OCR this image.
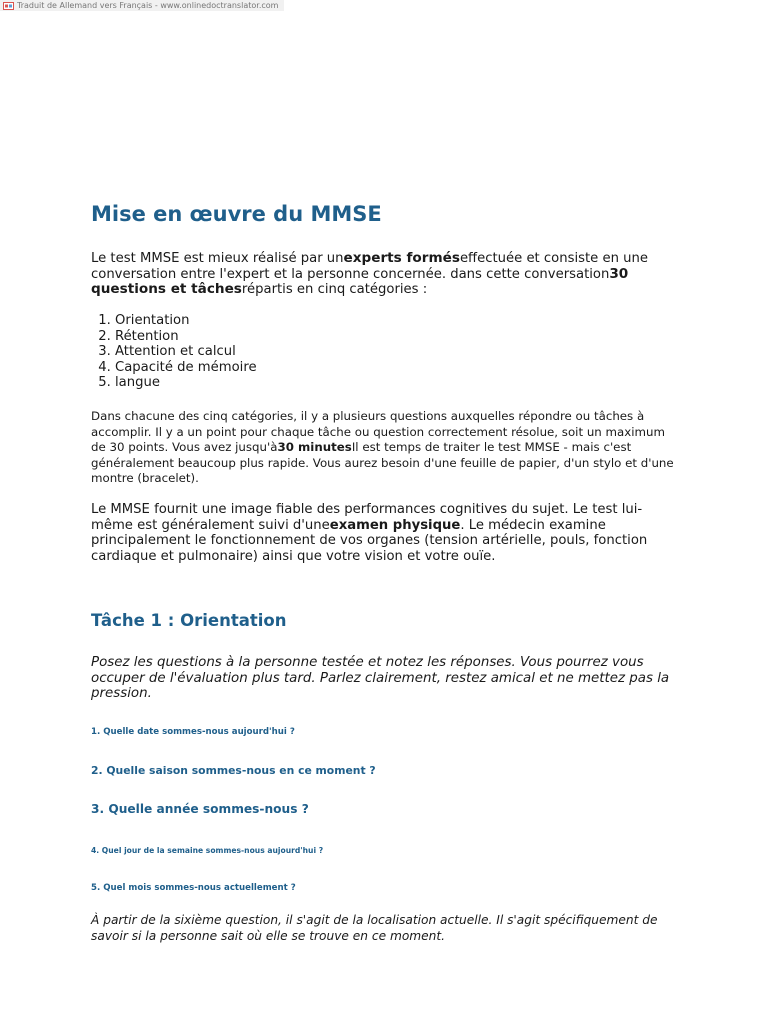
Traduit de Allemand vers Français - www.onlinedoctranslator.com
Mise en œuvre du MMSE

Le test MMSE est mieux réalisé par unexperts forméseffectuée et consiste en une conversation entre l'expert et la personne concernée. dans cette conversation30 questions et tâchesrépartis en cinq catégories :

1. Orientation
2. Rétention
3. Attention et calcul
4. Capacité de mémoire
5. langue

Dans chacune des cinq catégories, il y a plusieurs questions auxquelles répondre ou tâches à accomplir. Il y a un point pour chaque tâche ou question correctement résolue, soit un maximum de 30 points. Vous avez jusqu'à30 minutesIl est temps de traiter le test MMSE - mais c'est généralement beaucoup plus rapide. Vous aurez besoin d'une feuille de papier, d'un stylo et d'une montre (bracelet).

Le MMSE fournit une image fiable des performances cognitives du sujet. Le test lui-même est généralement suivi d'uneexamen physique. Le médecin examine principalement le fonctionnement de vos organes (tension artérielle, pouls, fonction cardiaque et pulmonaire) ainsi que votre vision et votre ouïe.

Tâche 1 : Orientation

Posez les questions à la personne testée et notez les réponses. Vous pourrez vous occuper de l'évaluation plus tard. Parlez clairement, restez amical et ne mettez pas la pression.

1. Quelle date sommes-nous aujourd'hui ?
2. Quelle saison sommes-nous en ce moment ?
3. Quelle année sommes-nous ?
4. Quel jour de la semaine sommes-nous aujourd'hui ?
5. Quel mois sommes-nous actuellement ?

À partir de la sixième question, il s'agit de la localisation actuelle. Il s'agit spécifiquement de savoir si la personne sait où elle se trouve en ce moment.
